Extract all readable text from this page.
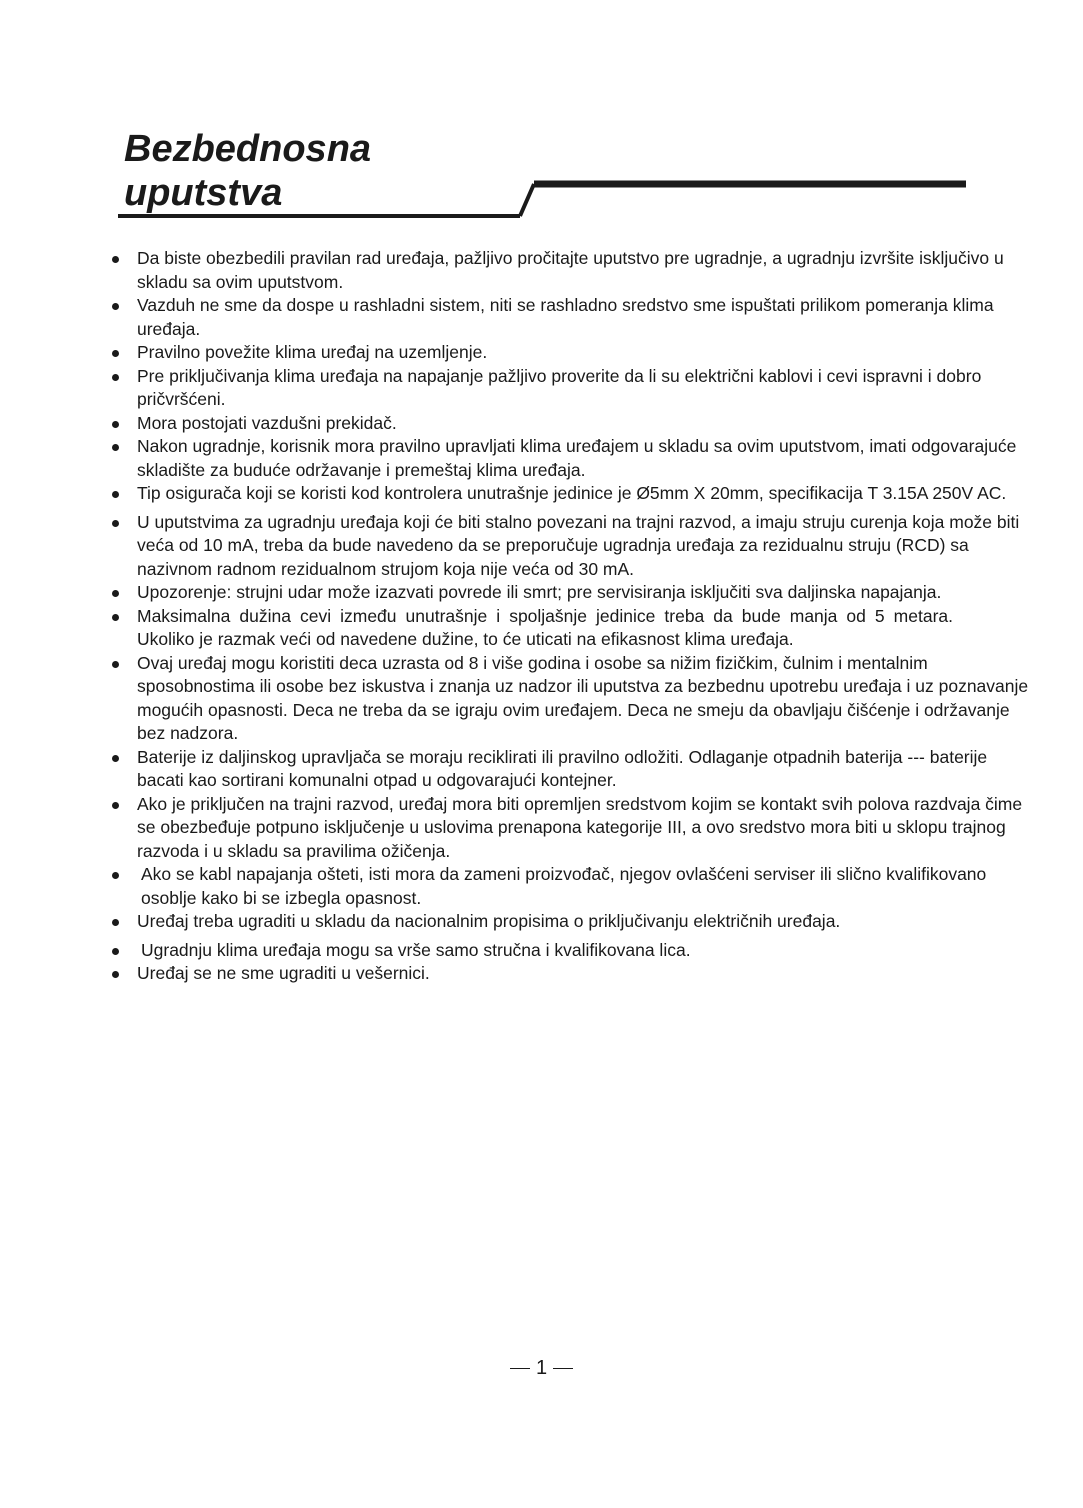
Bezbednosna
uputstva
Da biste obezbedili pravilan rad uređaja, pažljivo pročitajte uputstvo pre ugradnje, a ugradnju izvršite isključivo u skladu sa ovim uputstvom.
Vazduh ne sme da dospe u rashladni sistem, niti se rashladno sredstvo sme ispuštati prilikom pomeranja klima uređaja.
Pravilno povežite klima uređaj na uzemljenje.
Pre priključivanja klima uređaja na napajanje pažljivo proverite da li su električni kablovi i cevi ispravni i dobro pričvršćeni.
Mora postojati vazdušni prekidač.
Nakon ugradnje, korisnik mora pravilno upravljati klima uređajem u skladu sa ovim uputstvom, imati odgovarajuće skladište za buduće održavanje i premeštaj klima uređaja.
Tip osigurača koji se koristi kod kontrolera unutrašnje jedinice je Ø5mm X 20mm, specifikacija T 3.15A 250V AC.
U uputstvima za ugradnju uređaja koji će biti stalno povezani na trajni razvod, a imaju struju curenja koja može biti veća od 10 mA, treba da bude navedeno da se preporučuje ugradnja uređaja za rezidualnu struju (RCD) sa nazivnom radnom rezidualnom strujom koja nije veća od 30 mA.
Upozorenje: strujni udar može izazvati povrede ili smrt; pre servisiranja isključiti sva daljinska napajanja.
Maksimalna dužina cevi između unutrašnje i spoljašnje jedinice treba da bude manja od 5 metara. Ukoliko je razmak veći od navedene dužine, to će uticati na efikasnost klima uređaja.
Ovaj uređaj mogu koristiti deca uzrasta od 8 i više godina i osobe sa nižim fizičkim, čulnim i mentalnim sposobnostima ili osobe bez iskustva i znanja uz nadzor ili uputstva za bezbednu upotrebu uređaja i uz poznavanje mogućih opasnosti. Deca ne treba da se igraju ovim uređajem. Deca ne smeju da obavljaju čišćenje i održavanje bez nadzora.
Baterije iz daljinskog upravljača se moraju reciklirati ili pravilno odložiti. Odlaganje otpadnih baterija --- baterije bacati kao sortirani komunalni otpad u odgovarajući kontejner.
Ako je priključen na trajni razvod, uređaj mora biti opremljen sredstvom kojim se kontakt svih polova razdvaja čime se obezbeđuje potpuno isključenje u uslovima prenapona kategorije III, a ovo sredstvo mora biti u sklopu trajnog razvoda i u skladu sa pravilima ožičenja.
Ako se kabl napajanja ošteti, isti mora da zameni proizvođač, njegov ovlašćeni serviser ili slično kvalifikovano osoblje kako bi se izbegla opasnost.
Uređaj treba ugraditi u skladu da nacionalnim propisima o priključivanju električnih uređaja.
Ugradnju klima uređaja mogu sa vrše samo stručna i kvalifikovana lica.
Uređaj se ne sme ugraditi u vešernici.
1
